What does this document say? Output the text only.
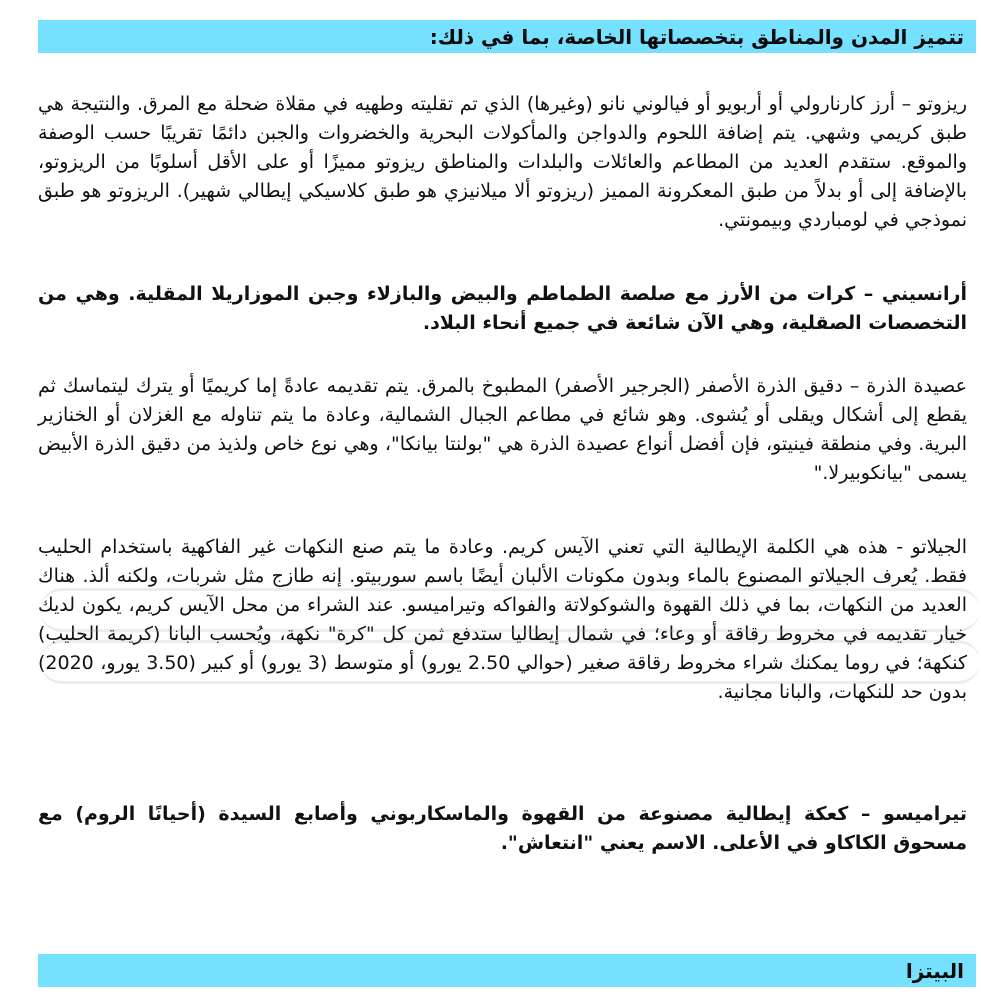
تتميز المدن والمناطق بتخصصاتها الخاصة، بما في ذلك:

ريزوتو – أرز كارنارولي أو أربويو أو فيالوني نانو (وغيرها) الذي تم تقليته وطهيه في مقلاة ضحلة مع المرق. والنتيجة هي طبق كريمي وشهي. يتم إضافة اللحوم والدواجن والمأكولات البحرية والخضروات والجبن دائمًا تقريبًا حسب الوصفة والموقع. ستقدم العديد من المطاعم والعائلات والبلدات والمناطق ريزوتو مميزًا أو على الأقل أسلوبًا من الريزوتو، بالإضافة إلى أو بدلاً من طبق المعكرونة المميز (ريزوتو ألا ميلانيزي هو طبق كلاسيكي إيطالي شهير). الريزوتو هو طبق نموذجي في لومباردي وبيمونتي.

أرانسيني – كرات من الأرز مع صلصة الطماطم والبيض والبازلاء وجبن الموزاريلا المقلية. وهي من التخصصات الصقلية، وهي الآن شائعة في جميع أنحاء البلاد.

عصيدة الذرة – دقيق الذرة الأصفر (الجرجير الأصفر) المطبوخ بالمرق. يتم تقديمه عادةً إما كريميًا أو يترك ليتماسك ثم يقطع إلى أشكال ويقلى أو يُشوى. وهو شائع في مطاعم الجبال الشمالية، وعادة ما يتم تناوله مع الغزلان أو الخنازير البرية. وفي منطقة فينيتو، فإن أفضل أنواع عصيدة الذرة هي "بولنتا بيانكا"، وهي نوع خاص ولذيذ من دقيق الذرة الأبيض يسمى "بيانكوبيرلا."

الجيلاتو - هذه هي الكلمة الإيطالية التي تعني الآيس كريم. وعادة ما يتم صنع النكهات غير الفاكهية باستخدام الحليب فقط. يُعرف الجيلاتو المصنوع بالماء وبدون مكونات الألبان أيضًا باسم سوربيتو. إنه طازج مثل شربات، ولكنه ألذ. هناك العديد من النكهات، بما في ذلك القهوة والشوكولاتة والفواكه وتيراميسو. عند الشراء من محل الآيس كريم، يكون لديك خيار تقديمه في مخروط رقاقة أو وعاء؛ في شمال إيطاليا ستدفع ثمن كل "كرة" نكهة، ويُحسب البانا (كريمة الحليب) كنكهة؛ في روما يمكنك شراء مخروط رقاقة صغير (حوالي 2.50 يورو) أو متوسط (3 يورو) أو كبير (3.50 يورو، 2020) بدون حد للنكهات، والبانا مجانية.

تيراميسو – كعكة إيطالية مصنوعة من القهوة والماسكاربوني وأصابع السيدة (أحيانًا الروم) مع مسحوق الكاكاو في الأعلى. الاسم يعني "انتعاش".

البيتزا
